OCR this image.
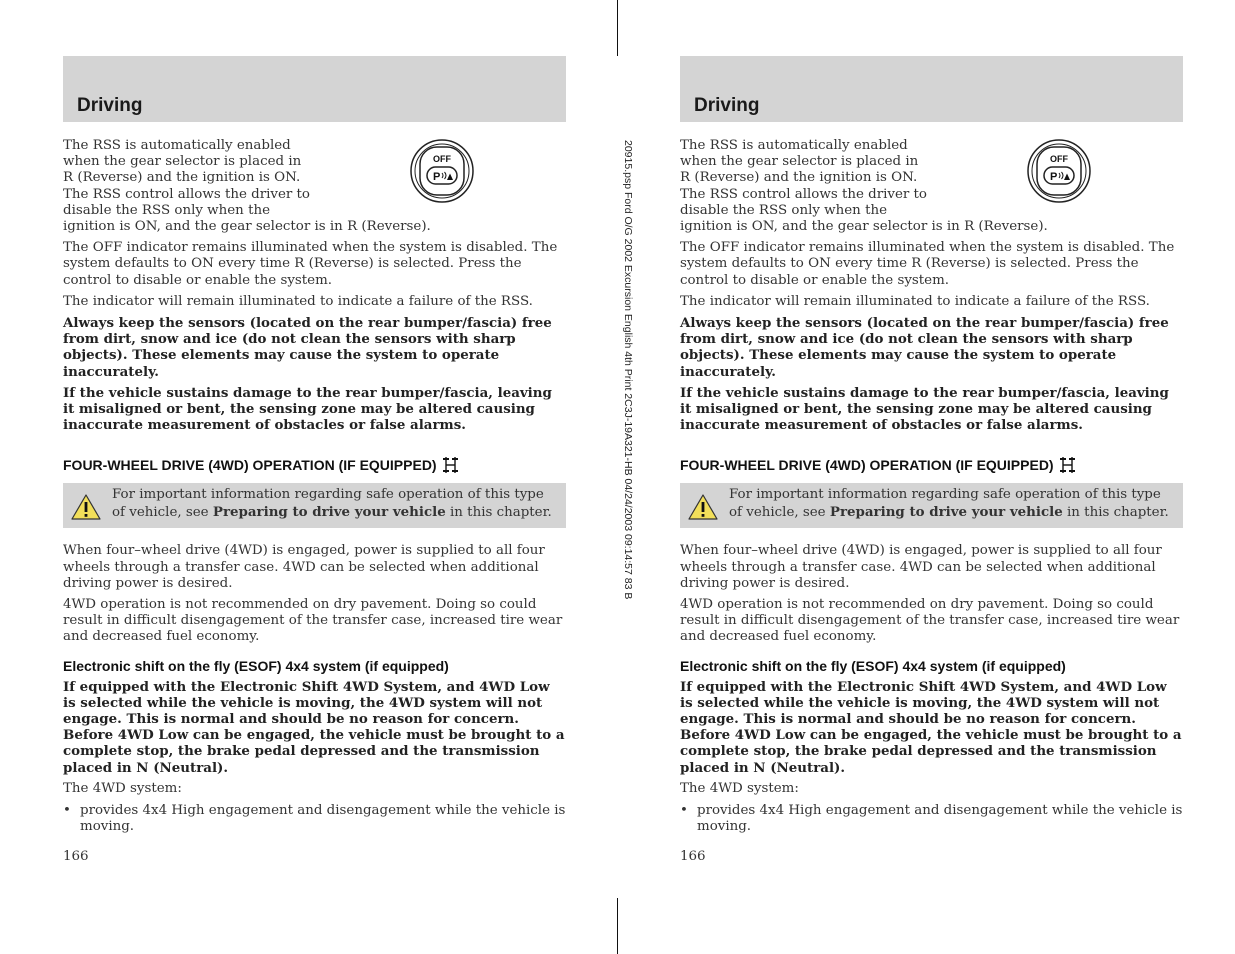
20915.psp Ford O/G 2002 Excursion English 4th Print 2C3J-19A321-HB 04/24/2003 09:14:57 83 B
Driving
The RSS is automatically enabled
when the gear selector is placed in
R (Reverse) and the ignition is ON.
The RSS control allows the driver to
disable the RSS only when the
ignition is ON, and the gear selector is in R (Reverse).
OFF
P

The OFF indicator remains illuminated when the system is disabled. The system defaults to ON every time R (Reverse) is selected. Press the control to disable or enable the system.

The indicator will remain illuminated to indicate a failure of the RSS.

Always keep the sensors (located on the rear bumper/fascia) free from dirt, snow and ice (do not clean the sensors with sharp objects). These elements may cause the system to operate inaccurately.

If the vehicle sustains damage to the rear bumper/fascia, leaving it misaligned or bent, the sensing zone may be altered causing inaccurate measurement of obstacles or false alarms.

FOUR-WHEEL DRIVE (4WD) OPERATION (IF EQUIPPED)
For important information regarding safe operation of this type of vehicle, see Preparing to drive your vehicle in this chapter.

When four–wheel drive (4WD) is engaged, power is supplied to all four wheels through a transfer case. 4WD can be selected when additional driving power is desired.

4WD operation is not recommended on dry pavement. Doing so could result in difficult disengagement of the transfer case, increased tire wear and decreased fuel economy.

Electronic shift on the fly (ESOF) 4x4 system (if equipped)

If equipped with the Electronic Shift 4WD System, and 4WD Low is selected while the vehicle is moving, the 4WD system will not engage. This is normal and should be no reason for concern. Before 4WD Low can be engaged, the vehicle must be brought to a complete stop, the brake pedal depressed and the transmission placed in N (Neutral).

The 4WD system:

• provides 4x4 High engagement and disengagement while the vehicle is moving.
166
Driving
The RSS is automatically enabled
when the gear selector is placed in
R (Reverse) and the ignition is ON.
The RSS control allows the driver to
disable the RSS only when the
ignition is ON, and the gear selector is in R (Reverse).
OFF
P

The OFF indicator remains illuminated when the system is disabled. The system defaults to ON every time R (Reverse) is selected. Press the control to disable or enable the system.

The indicator will remain illuminated to indicate a failure of the RSS.

Always keep the sensors (located on the rear bumper/fascia) free from dirt, snow and ice (do not clean the sensors with sharp objects). These elements may cause the system to operate inaccurately.

If the vehicle sustains damage to the rear bumper/fascia, leaving it misaligned or bent, the sensing zone may be altered causing inaccurate measurement of obstacles or false alarms.

FOUR-WHEEL DRIVE (4WD) OPERATION (IF EQUIPPED)
For important information regarding safe operation of this type of vehicle, see Preparing to drive your vehicle in this chapter.

When four–wheel drive (4WD) is engaged, power is supplied to all four wheels through a transfer case. 4WD can be selected when additional driving power is desired.

4WD operation is not recommended on dry pavement. Doing so could result in difficult disengagement of the transfer case, increased tire wear and decreased fuel economy.

Electronic shift on the fly (ESOF) 4x4 system (if equipped)

If equipped with the Electronic Shift 4WD System, and 4WD Low is selected while the vehicle is moving, the 4WD system will not engage. This is normal and should be no reason for concern. Before 4WD Low can be engaged, the vehicle must be brought to a complete stop, the brake pedal depressed and the transmission placed in N (Neutral).

The 4WD system:

• provides 4x4 High engagement and disengagement while the vehicle is moving.
166
